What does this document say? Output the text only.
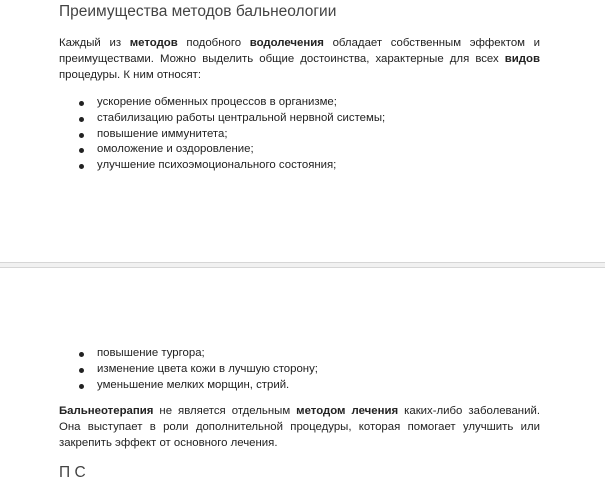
Преимущества методов бальнеологии

Каждый из методов подобного водолечения обладает собственным эффектом и преимуществами. Можно выделить общие достоинства, характерные для всех видов процедуры. К ним относят:

ускорение обменных процессов в организме;
стабилизацию работы центральной нервной системы;
повышение иммунитета;
омоложение и оздоровление;
улучшение психоэмоционального состояния;
повышение тургора;
изменение цвета кожи в лучшую сторону;
уменьшение мелких морщин, стрий.

Бальнеотерапия не является отдельным методом лечения каких-либо заболеваний. Она выступает в роли дополнительной процедуры, которая помогает улучшить или закрепить эффект от основного лечения.

П С
